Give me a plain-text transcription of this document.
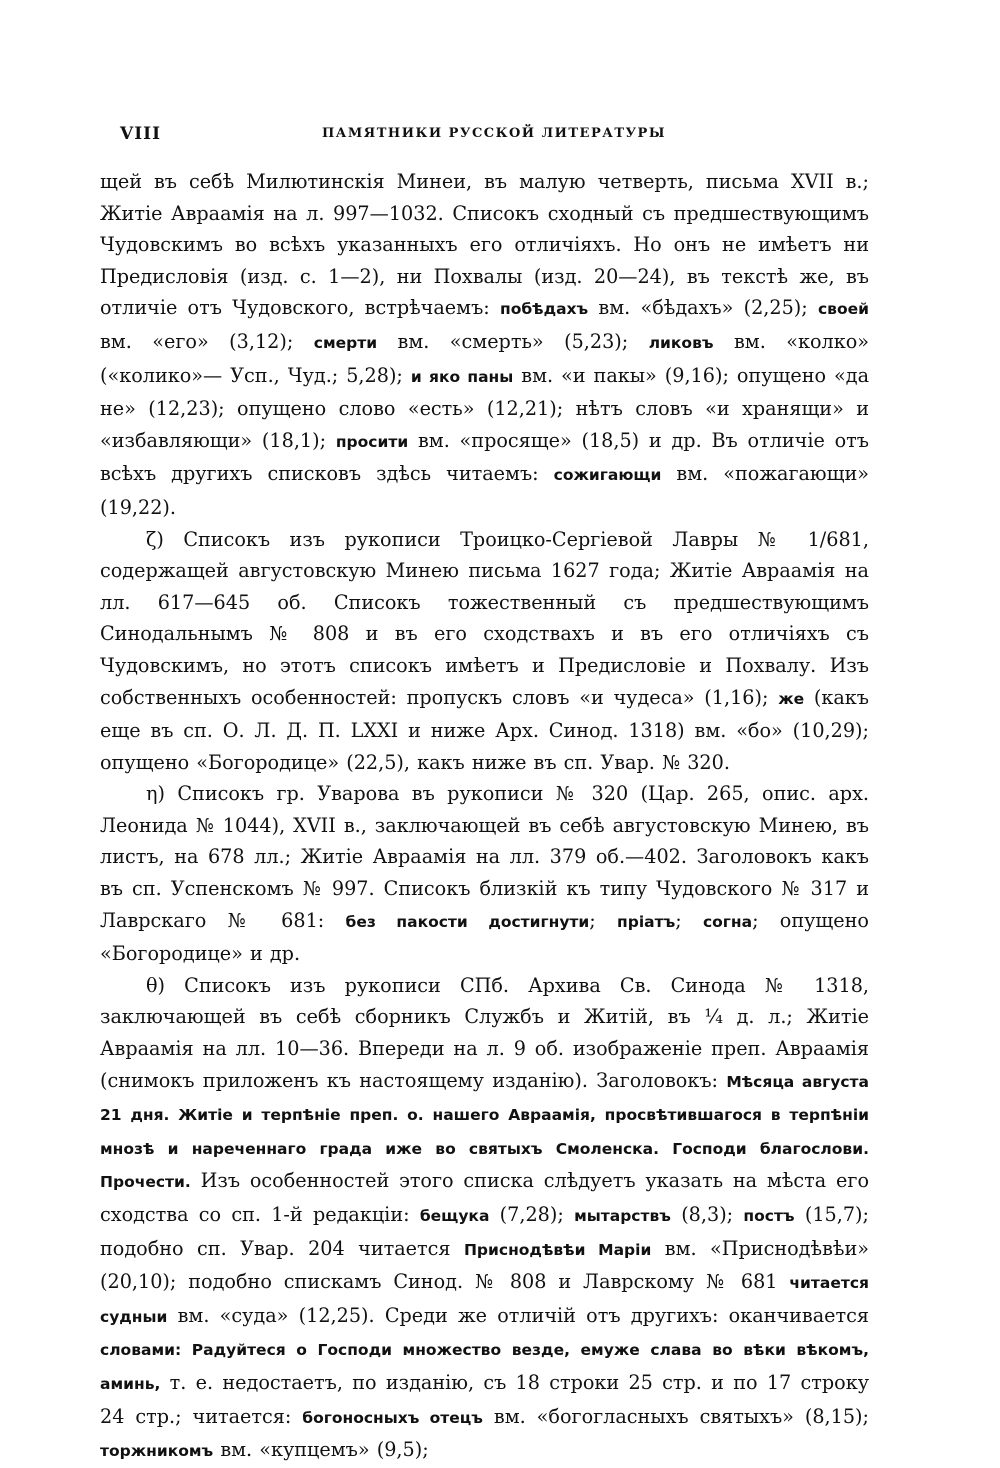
VIII	ПАМЯТНИКИ РУССКОЙ ЛИТЕРАТУРЫ

щей въ себѣ Милютинскія Минеи, въ малую четверть, письма XVII в.; Житіе Авраамія на л. 997—1032. Списокъ сходный съ предшествующимъ Чудовскимъ во всѣхъ указанныхъ его отличіяхъ. Но онъ не имѣетъ ни Предисловія (изд. с. 1—2), ни Похвалы (изд. 20—24), въ текстѣ же, въ отличіе отъ Чудовского, встрѣчаемъ: побѣдахъ вм. «бѣдахъ» (2,25); своей вм. «его» (3,12); смерти вм. «смерть» (5,23); ликовъ вм. «колко» («колико»— Усп., Чуд.; 5,28); и яко паны вм. «и пакы» (9,16); опущено «да не» (12,23); опущено слово «есть» (12,21); нѣтъ словъ «и хранящи» и «избавляющи» (18,1); просити вм. «просяще» (18,5) и др. Въ отличіе отъ всѣхъ другихъ списковъ здѣсь читаемъ: сожигающи вм. «пожагающи» (19,22).

ζ) Списокъ изъ рукописи Троицко-Сергіевой Лавры № 1/681, содержащей августовскую Минею письма 1627 года; Житіе Авраамія на лл. 617—645 об. Списокъ тожественный съ предшествующимъ Синодальнымъ № 808 и въ его сходствахъ и въ его отличіяхъ съ Чудовскимъ, но этотъ списокъ имѣетъ и Предисловіе и Похвалу. Изъ собственныхъ особенностей: пропускъ словъ «и чудеса» (1,16); же (какъ еще въ сп. О. Л. Д. П. LXXI и ниже Арх. Синод. 1318) вм. «бо» (10,29); опущено «Богородице» (22,5), какъ ниже въ сп. Увар. № 320.

η) Списокъ гр. Уварова въ рукописи № 320 (Цар. 265, опис. арх. Леонида № 1044), XVII в., заключающей въ себѣ августовскую Минею, въ листъ, на 678 лл.; Житіе Авраамія на лл. 379 об.—402. Заголовокъ какъ въ сп. Успенскомъ № 997. Списокъ близкій къ типу Чудовского № 317 и Лаврскаго № 681: без пакости достигнути; пріатъ; согна; опущено «Богородице» и др.

θ) Списокъ изъ рукописи СПб. Архива Св. Синода № 1318, заключающей въ себѣ сборникъ Службъ и Житій, въ ¼ д. л.; Житіе Авраамія на лл. 10—36. Впереди на л. 9 об. изображеніе преп. Авраамія (снимокъ приложенъ къ настоящему изданію). Заголовокъ: Мѣсяца августа 21 дня. Житіе и терпѣніе преп. о. нашего Авраамія, просвѣтившагося в терпѣніи мнозѣ и нареченнаго града иже во святыхъ Смоленска. Господи благослови. Прочести. Изъ особенностей этого списка слѣдуетъ указать на мѣста его сходства со сп. 1-й редакціи: бещука (7,28); мытарствъ (8,3); постъ (15,7); подобно сп. Увар. 204 читается Приснодѣвѣи Маріи вм. «Приснодѣвѣи» (20,10); подобно спискамъ Синод. № 808 и Лаврскому № 681 читается судныи вм. «суда» (12,25). Среди же отличій отъ другихъ: оканчивается словами: Радуйтеся о Господи множество везде, емуже слава во вѣки вѣкомъ, аминь, т. е. недостаетъ, по изданію, съ 18 строки 25 стр. и по 17 строку 24 стр.; читается: богоносныхъ отецъ вм. «богогласныхъ святыхъ» (8,15); торжникомъ вм. «купцемъ» (9,5);
